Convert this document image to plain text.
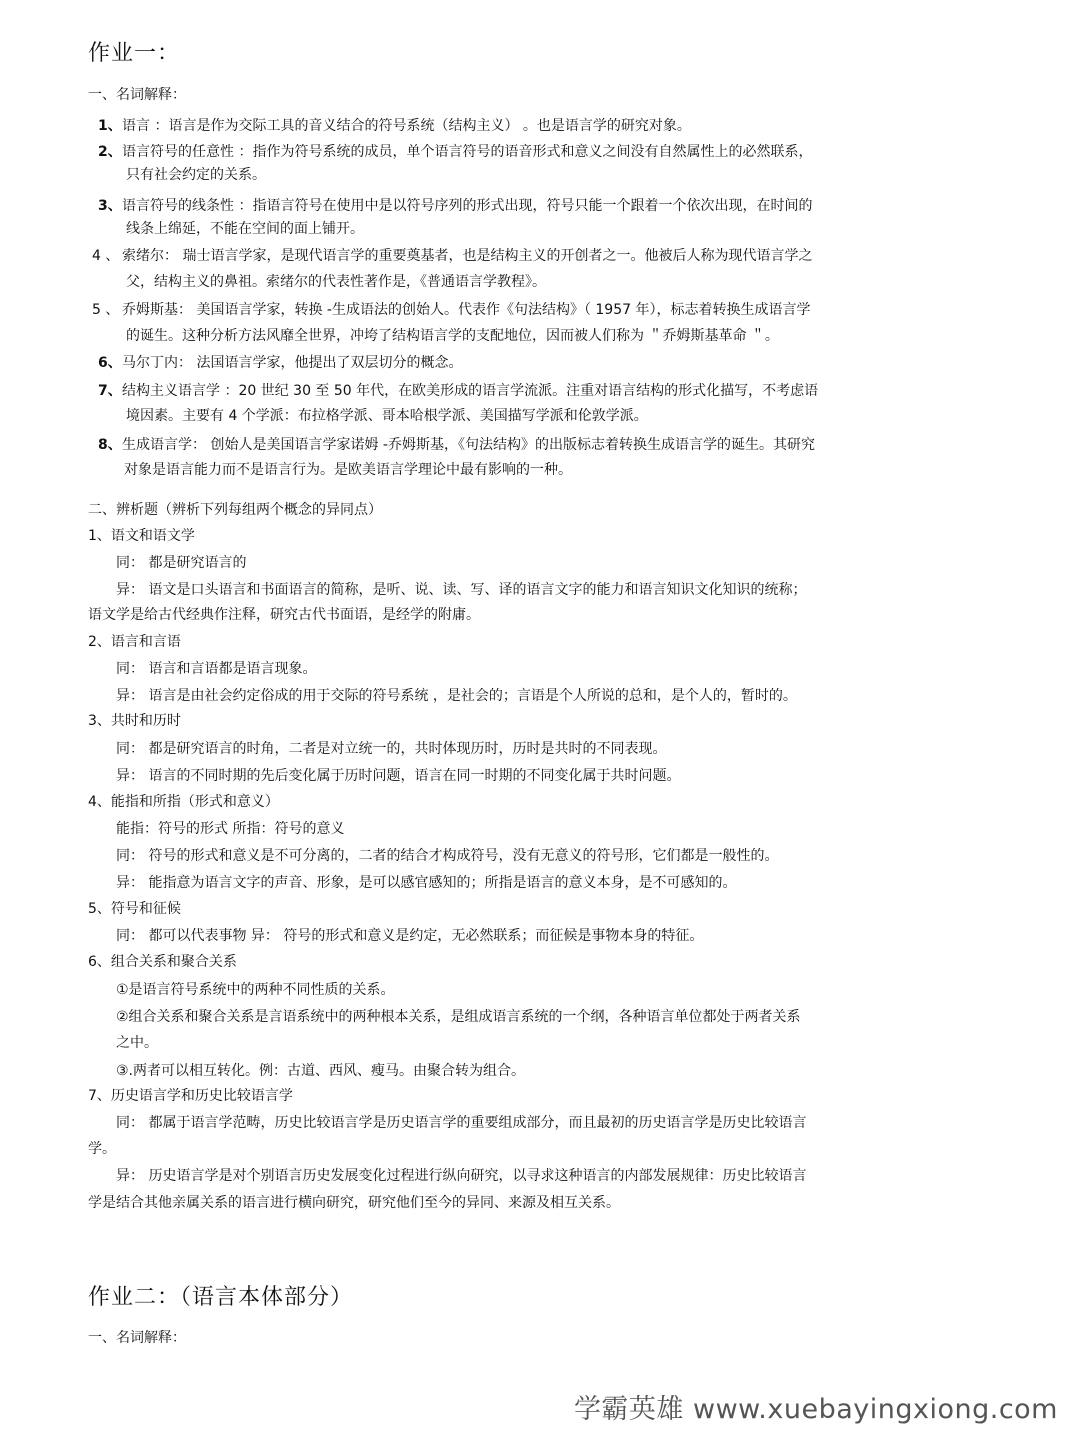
作业一：
一、名词解释：
1、 语言 ：语言是作为交际工具的音义结合的符号系统（结构主义） 。也是语言学的研究对象。
2、 语言符号的任意性 ：指作为符号系统的成员，单个语言符号的语音形式和意义之间没有自然属性上的必然联系，
只有社会约定的关系。
3、 语言符号的线条性 ：指语言符号在使用中是以符号序列的形式出现，符号只能一个跟着一个依次出现，在时间的
线条上绵延，不能在空间的面上铺开。
4 、 索绪尔： 瑞士语言学家，是现代语言学的重要奠基者，也是结构主义的开创者之一。他被后人称为现代语言学之
父，结构主义的鼻祖。索绪尔的代表性著作是，《普通语言学教程》。
5 、 乔姆斯基： 美国语言学家，转换 -生成语法的创始人。代表作《句法结构》（ 1957 年），标志着转换生成语言学
的诞生。这种分析方法风靡全世界，冲垮了结构语言学的支配地位，因而被人们称为 ＂乔姆斯基革命 ＂。
6、 马尔丁内： 法国语言学家，他提出了双层切分的概念。
7、 结构主义语言学 ：20 世纪 30 至 50 年代，在欧美形成的语言学流派。注重对语言结构的形式化描写，不考虑语
境因素。主要有 4 个学派：布拉格学派、哥本哈根学派、美国描写学派和伦敦学派。
8、 生成语言学： 创始人是美国语言学家诺姆 -乔姆斯基，《句法结构》的出版标志着转换生成语言学的诞生。其研究
对象是语言能力而不是语言行为。是欧美语言学理论中最有影响的一种。
二、辨析题（辨析下列每组两个概念的异同点）
1、语文和语文学
同： 都是研究语言的
异： 语文是口头语言和书面语言的简称，是听、说、读、写、译的语言文字的能力和语言知识文化知识的统称；
语文学是给古代经典作注释，研究古代书面语，是经学的附庸。
2、语言和言语
同： 语言和言语都是语言现象。
异： 语言是由社会约定俗成的用于交际的符号系统 ，是社会的；言语是个人所说的总和，是个人的，暂时的。
3、共时和历时
同： 都是研究语言的时角，二者是对立统一的，共时体现历时，历时是共时的不同表现。
异： 语言的不同时期的先后变化属于历时问题，语言在同一时期的不同变化属于共时问题。
4、能指和所指（形式和意义）
能指：符号的形式 所指：符号的意义
同： 符号的形式和意义是不可分离的，二者的结合才构成符号，没有无意义的符号形，它们都是一般性的。
异： 能指意为语言文字的声音、形象，是可以感官感知的；所指是语言的意义本身，是不可感知的。
5、符号和征候
同： 都可以代表事物 异： 符号的形式和意义是约定，无必然联系；而征候是事物本身的特征。
6、组合关系和聚合关系
①是语言符号系统中的两种不同性质的关系。
②组合关系和聚合关系是言语系统中的两种根本关系，是组成语言系统的一个纲，各种语言单位都处于两者关系
之中。
③.两者可以相互转化。例：古道、西风、瘦马。由聚合转为组合。
7、历史语言学和历史比较语言学
同： 都属于语言学范畴，历史比较语言学是历史语言学的重要组成部分，而且最初的历史语言学是历史比较语言
学。
异： 历史语言学是对个别语言历史发展变化过程进行纵向研究，以寻求这种语言的内部发展规律：历史比较语言
学是结合其他亲属关系的语言进行横向研究，研究他们至今的异同、来源及相互关系。
作业二：（语言本体部分）
一、名词解释：
学霸英雄 www.xuebayingxiong.com
